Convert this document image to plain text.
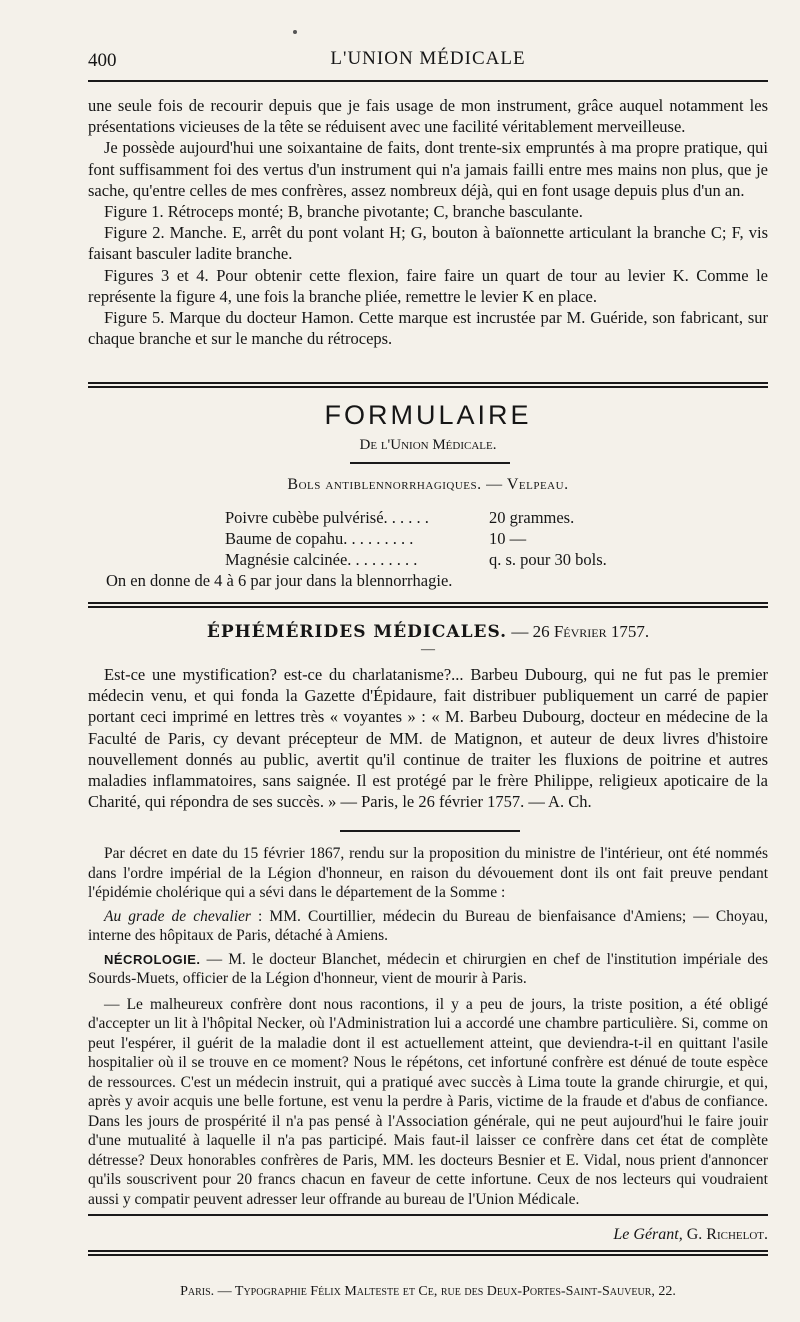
400	L'UNION MÉDICALE

une seule fois de recourir depuis que je fais usage de mon instrument, grâce auquel notamment les présentations vicieuses de la tête se réduisent avec une facilité véritablement merveilleuse.

Je possède aujourd'hui une soixantaine de faits, dont trente-six empruntés à ma propre pratique, qui font suffisamment foi des vertus d'un instrument qui n'a jamais failli entre mes mains non plus, que je sache, qu'entre celles de mes confrères, assez nombreux déjà, qui en font usage depuis plus d'un an.

Figure 1. Rétroceps monté; B, branche pivotante; C, branche basculante.

Figure 2. Manche. E, arrêt du pont volant H; G, bouton à baïonnette articulant la branche C; F, vis faisant basculer ladite branche.

Figures 3 et 4. Pour obtenir cette flexion, faire faire un quart de tour au levier K. Comme le représente la figure 4, une fois la branche pliée, remettre le levier K en place.

Figure 5. Marque du docteur Hamon. Cette marque est incrustée par M. Guéride, son fabricant, sur chaque branche et sur le manche du rétroceps.

FORMULAIRE
De l'Union Médicale.
Bols antiblennorrhagiques. — Velpeau.
Poivre cubèbe pulvérisé. . . . . .	20 grammes.
Baume de copahu. . . . . . . . .	10 —
Magnésie calcinée. . . . . . . . .	q. s. pour 30 bols.
On en donne de 4 à 6 par jour dans la blennorrhagie.
ÉPHÉMÉRIDES MÉDICALES. — 26 Février 1757.
—

Est-ce une mystification? est-ce du charlatanisme?... Barbeu Dubourg, qui ne fut pas le premier médecin venu, et qui fonda la Gazette d'Épidaure, fait distribuer publiquement un carré de papier portant ceci imprimé en lettres très « voyantes » : « M. Barbeu Dubourg, docteur en médecine de la Faculté de Paris, cy devant précepteur de MM. de Matignon, et auteur de deux livres d'histoire nouvellement donnés au public, avertit qu'il continue de traiter les fluxions de poitrine et autres maladies inflammatoires, sans saignée. Il est protégé par le frère Philippe, religieux apoticaire de la Charité, qui répondra de ses succès. » — Paris, le 26 février 1757. — A. Ch.

Par décret en date du 15 février 1867, rendu sur la proposition du ministre de l'intérieur, ont été nommés dans l'ordre impérial de la Légion d'honneur, en raison du dévouement dont ils ont fait preuve pendant l'épidémie cholérique qui a sévi dans le département de la Somme :

Au grade de chevalier : MM. Courtillier, médecin du Bureau de bienfaisance d'Amiens; — Choyau, interne des hôpitaux de Paris, détaché à Amiens.

NÉCROLOGIE. — M. le docteur Blanchet, médecin et chirurgien en chef de l'institution impériale des Sourds-Muets, officier de la Légion d'honneur, vient de mourir à Paris.

— Le malheureux confrère dont nous racontions, il y a peu de jours, la triste position, a été obligé d'accepter un lit à l'hôpital Necker, où l'Administration lui a accordé une chambre particulière. Si, comme on peut l'espérer, il guérit de la maladie dont il est actuellement atteint, que deviendra-t-il en quittant l'asile hospitalier où il se trouve en ce moment? Nous le répétons, cet infortuné confrère est dénué de toute espèce de ressources. C'est un médecin instruit, qui a pratiqué avec succès à Lima toute la grande chirurgie, et qui, après y avoir acquis une belle fortune, est venu la perdre à Paris, victime de la fraude et d'abus de confiance. Dans les jours de prospérité il n'a pas pensé à l'Association générale, qui ne peut aujourd'hui le faire jouir d'une mutualité à laquelle il n'a pas participé. Mais faut-il laisser ce confrère dans cet état de complète détresse? Deux honorables confrères de Paris, MM. les docteurs Besnier et E. Vidal, nous prient d'annoncer qu'ils souscrivent pour 20 francs chacun en faveur de cette infortune. Ceux de nos lecteurs qui voudraient aussi y compatir peuvent adresser leur offrande au bureau de l'Union Médicale.

Le Gérant, G. Richelot.
Paris. — Typographie Félix Malteste et Ce, rue des Deux-Portes-Saint-Sauveur, 22.
